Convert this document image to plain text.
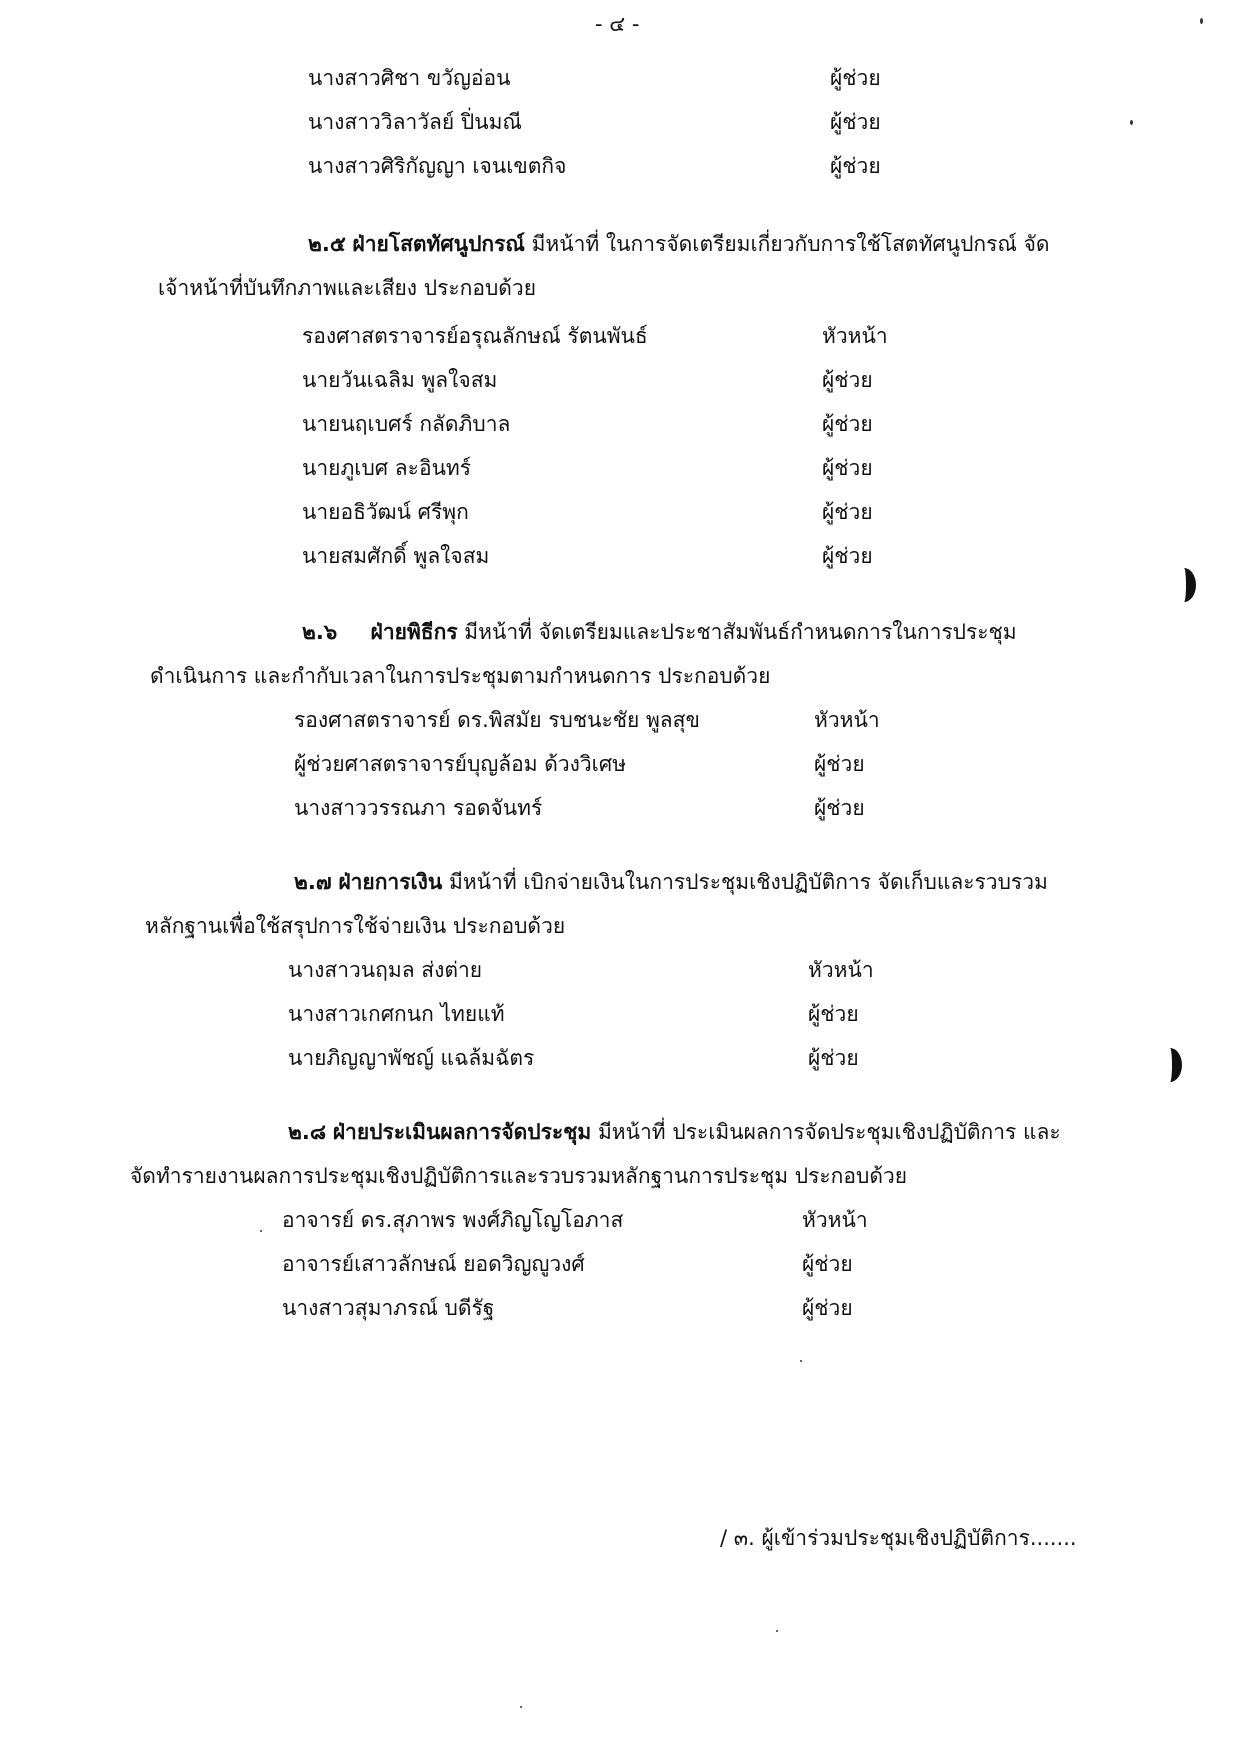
- ๔ -
นางสาวศิชา ขวัญอ่อน	ผู้ช่วย
นางสาววิลาวัลย์ ปิ่นมณี	ผู้ช่วย
นางสาวศิริกัญญา เจนเขตกิจ	ผู้ช่วย
๒.๕ ฝ่ายโสตทัศนูปกรณ์ มีหน้าที่ ในการจัดเตรียมเกี่ยวกับการใช้โสตทัศนูปกรณ์ จัด
เจ้าหน้าที่บันทึกภาพและเสียง ประกอบด้วย
รองศาสตราจารย์อรุณลักษณ์ รัตนพันธ์	หัวหน้า
นายวันเฉลิม พูลใจสม	ผู้ช่วย
นายนฤเบศร์ กลัดภิบาล	ผู้ช่วย
นายภูเบศ ละอินทร์	ผู้ช่วย
นายอธิวัฒน์ ศรีพุก	ผู้ช่วย
นายสมศักดิ์ พูลใจสม	ผู้ช่วย
๒.๖ ฝ่ายพิธีกร มีหน้าที่ จัดเตรียมและประชาสัมพันธ์กำหนดการในการประชุม
ดำเนินการ และกำกับเวลาในการประชุมตามกำหนดการ ประกอบด้วย
รองศาสตราจารย์ ดร.พิสมัย รบชนะชัย พูลสุข	หัวหน้า
ผู้ช่วยศาสตราจารย์บุญล้อม ด้วงวิเศษ	ผู้ช่วย
นางสาววรรณภา รอดจันทร์	ผู้ช่วย
๒.๗ ฝ่ายการเงิน มีหน้าที่ เบิกจ่ายเงินในการประชุมเชิงปฏิบัติการ จัดเก็บและรวบรวม
หลักฐานเพื่อใช้สรุปการใช้จ่ายเงิน ประกอบด้วย
นางสาวนฤมล ส่งต่าย	หัวหน้า
นางสาวเกศกนก ไทยแท้	ผู้ช่วย
นายภิญญาพัชญ์ แฉล้มฉัตร	ผู้ช่วย
๒.๘ ฝ่ายประเมินผลการจัดประชุม มีหน้าที่ ประเมินผลการจัดประชุมเชิงปฏิบัติการ และ
จัดทำรายงานผลการประชุมเชิงปฏิบัติการและรวบรวมหลักฐานการประชุม ประกอบด้วย
อาจารย์ ดร.สุภาพร พงศ์ภิญโญโอภาส	หัวหน้า
อาจารย์เสาวลักษณ์ ยอดวิญญูวงศ์	ผู้ช่วย
นางสาวสุมาภรณ์ บดีรัฐ	ผู้ช่วย
/ ๓. ผู้เข้าร่วมประชุมเชิงปฏิบัติการ.......
